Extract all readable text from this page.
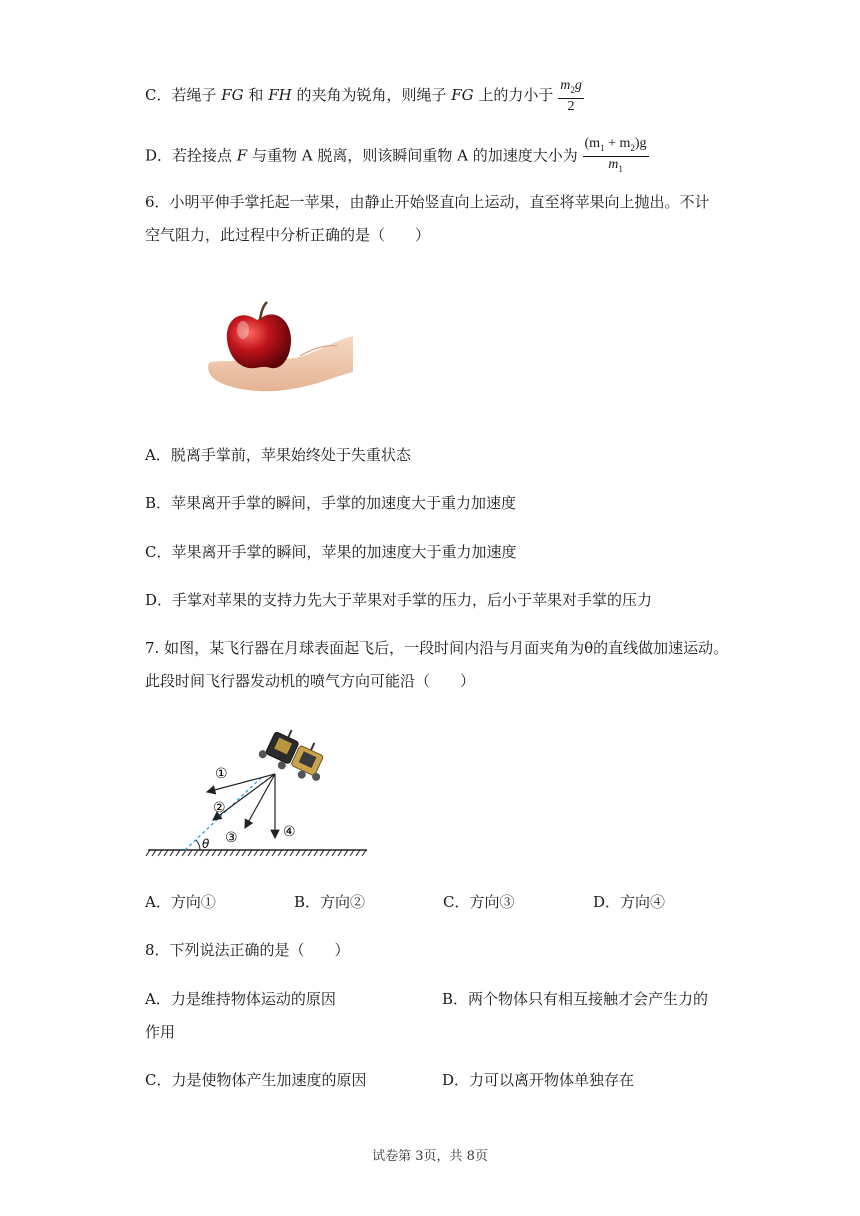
C．若绳子 FG 和 FH 的夹角为锐角，则绳子 FG 上的力小于 $\frac{m_2g}{2}$
D．若拴接点 F 与重物 A 脱离，则该瞬间重物 A 的加速度大小为 $\frac{(m_1 + m_2)g}{m_1}$
6．小明平伸手掌托起一苹果，由静止开始竖直向上运动，直至将苹果向上抛出。不计
空气阻力，此过程中分析正确的是（　　）
A．脱离手掌前，苹果始终处于失重状态
B．苹果离开手掌的瞬间，手掌的加速度大于重力加速度
C．苹果离开手掌的瞬间，苹果的加速度大于重力加速度
D．手掌对苹果的支持力先大于苹果对手掌的压力，后小于苹果对手掌的压力
7. 如图，某飞行器在月球表面起飞后，一段时间内沿与月面夹角为θ的直线做加速运动。
此段时间飞行器发动机的喷气方向可能沿（　　）
θ
①
②
③	④
A．方向①	B．方向②	C．方向③	D．方向④
8．下列说法正确的是（　　）
A．力是维持物体运动的原因	B．两个物体只有相互接触才会产生力的
作用
C．力是使物体产生加速度的原因	D．力可以离开物体单独存在
试卷第 3页，共 8页
